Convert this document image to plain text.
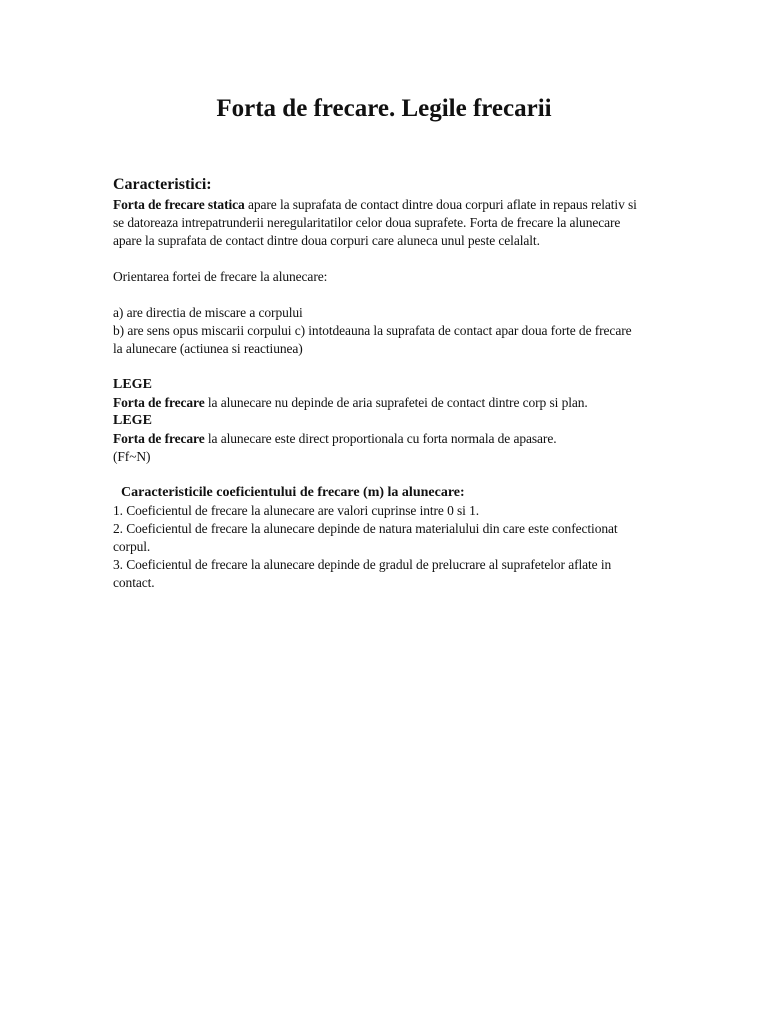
Forta de frecare. Legile frecarii

Caracteristici:

Forta de frecare statica apare la suprafata de contact dintre doua corpuri aflate in repaus relativ si se datoreaza intrepatrunderii neregularitatilor celor doua suprafete. Forta de frecare la alunecare apare la suprafata de contact dintre doua corpuri care aluneca unul peste celalalt.

Orientarea fortei de frecare la alunecare:

a) are directia de miscare a corpului

b) are sens opus miscarii corpului c) intotdeauna la suprafata de contact apar doua forte de frecare la alunecare (actiunea si reactiunea)

LEGE

Forta de frecare la alunecare nu depinde de aria suprafetei de contact dintre corp si plan.

LEGE

Forta de frecare la alunecare este direct proportionala cu forta normala de apasare.

(Ff~N)

Caracteristicile coeficientului de frecare (m) la alunecare:

1. Coeficientul de frecare la alunecare are valori cuprinse intre 0 si 1.

2. Coeficientul de frecare la alunecare depinde de natura materialului din care este confectionat corpul.

3. Coeficientul de frecare la alunecare depinde de gradul de prelucrare al suprafetelor aflate in contact.
